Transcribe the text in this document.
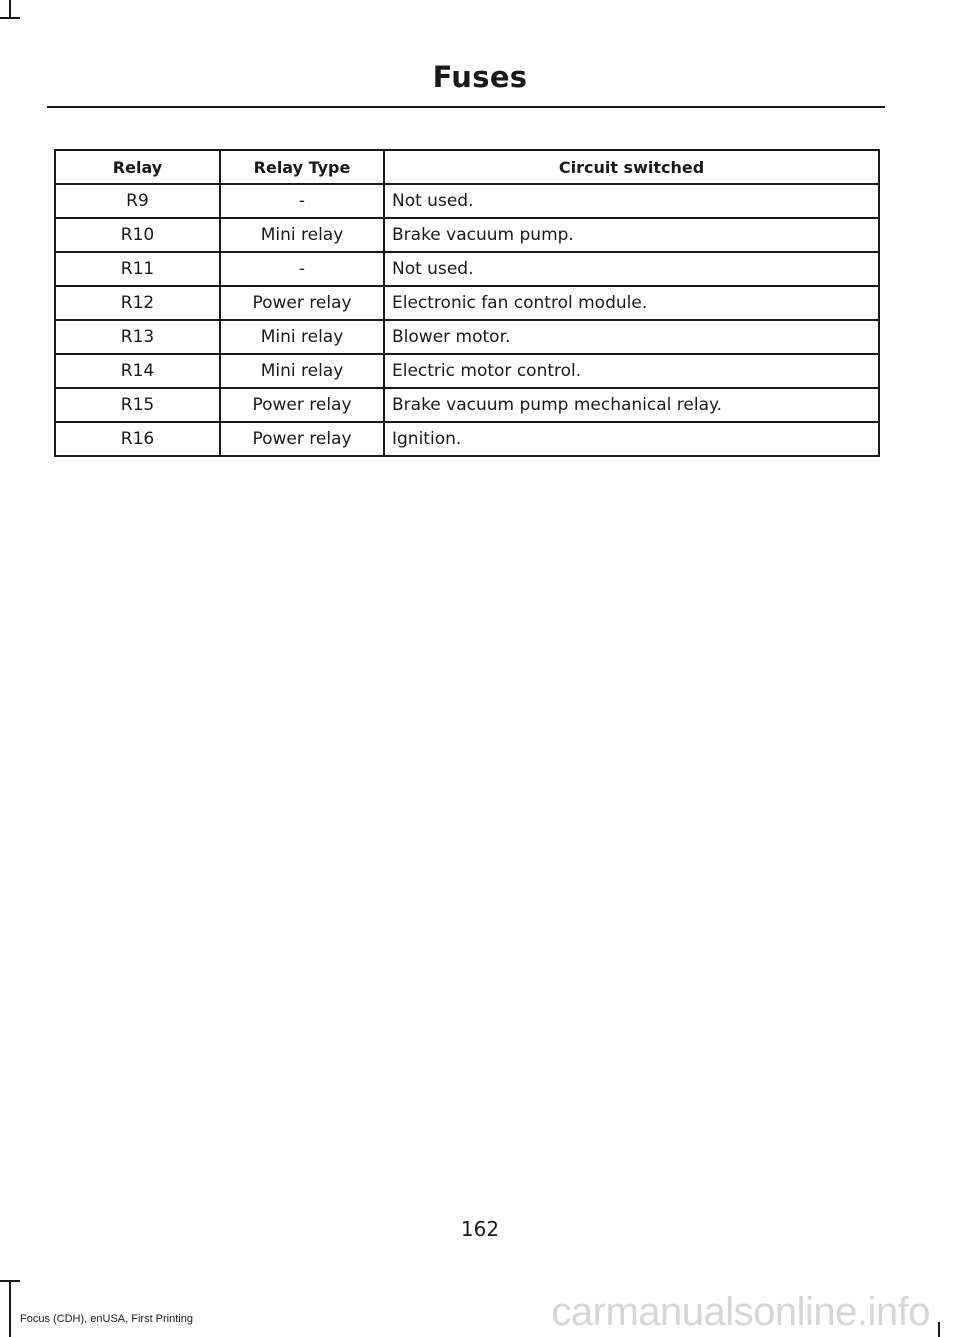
Fuses
Relay	Relay Type	Circuit switched
R9	-	Not used.
R10	Mini relay	Brake vacuum pump.
R11	-	Not used.
R12	Power relay	Electronic fan control module.
R13	Mini relay	Blower motor.
R14	Mini relay	Electric motor control.
R15	Power relay	Brake vacuum pump mechanical relay.
R16	Power relay	Ignition.
162
Focus (CDH), enUSA, First Printing	carmanualsonline.info
